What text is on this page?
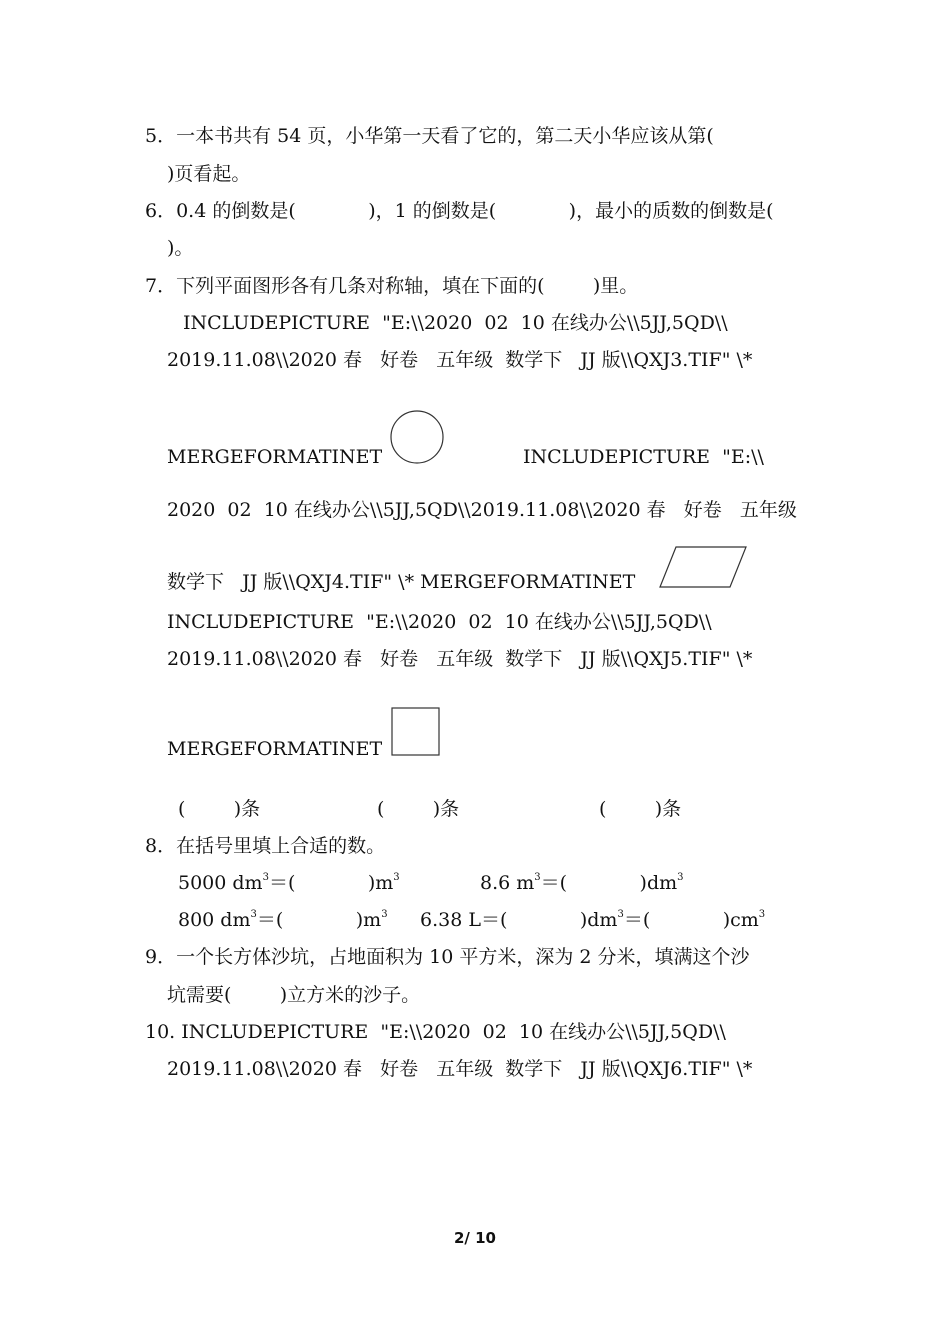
5．一本书共有 54 页，小华第一天看了它的，第二天小华应该从第(
)页看起。
6．0.4 的倒数是(            )，1 的倒数是(            )，最小的质数的倒数是(
)。
7．下列平面图形各有几条对称轴，填在下面的(        )里。
INCLUDEPICTURE  "E:\\2020  02  10 在线办公\\5JJ,5QD\\
2019.11.08\\2020 春   好卷   五年级  数学下   JJ 版\\QXJ3.TIF" \*
MERGEFORMATINET	INCLUDEPICTURE  "E:\\
2020  02  10 在线办公\\5JJ,5QD\\2019.11.08\\2020 春   好卷   五年级
数学下   JJ 版\\QXJ4.TIF" \* MERGEFORMATINET
INCLUDEPICTURE  "E:\\2020  02  10 在线办公\\5JJ,5QD\\
2019.11.08\\2020 春   好卷   五年级  数学下   JJ 版\\QXJ5.TIF" \*
MERGEFORMATINET
(        )条	(        )条	(        )条
8．在括号里填上合适的数。
5000 $dm^3=$(            )$m^3$	8.6 $m^3=$(            )$dm^3$
800 $dm^3=$(            )$m^3$ 6.38 L＝(            )$dm^3=$(            )$cm^3$
9．一个长方体沙坑，占地面积为 10 平方米，深为 2 分米，填满这个沙
坑需要(        )立方米的沙子。
10. INCLUDEPICTURE  "E:\\2020  02  10 在线办公\\5JJ,5QD\\
2019.11.08\\2020 春   好卷   五年级  数学下   JJ 版\\QXJ6.TIF" \*
2/ 10
